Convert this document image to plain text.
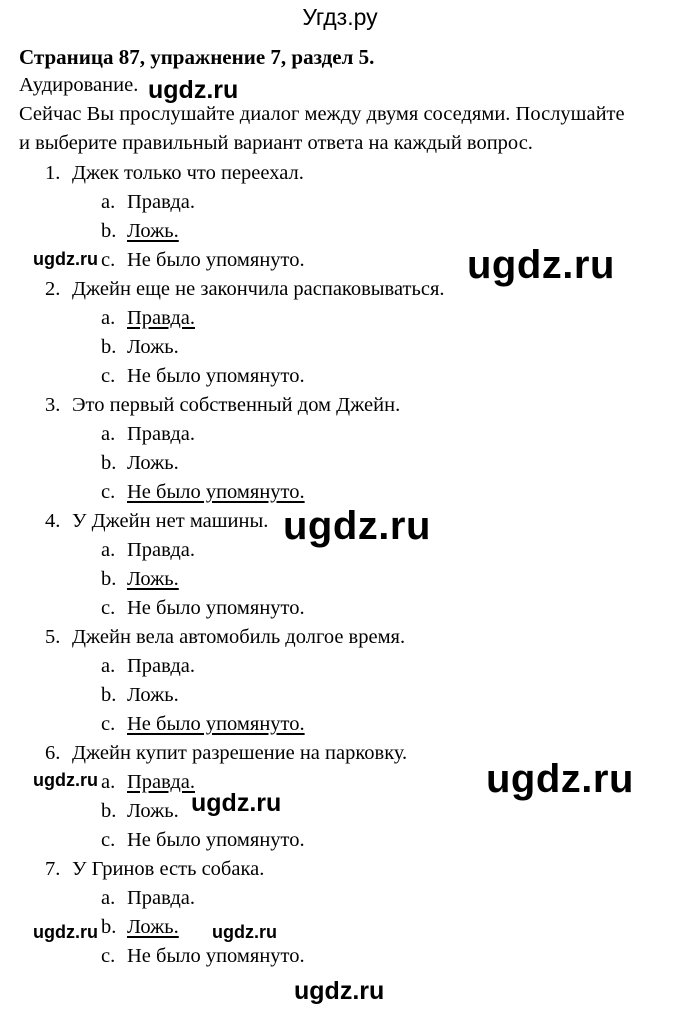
Угдз.ру
Страница 87, упражнение 7, раздел 5.
Аудирование.
Сейчас Вы прослушайте диалог между двумя соседями. Послушайте
и выберите правильный вариант ответа на каждый вопрос.
1. Джек только что переехал.
a. Правда.
b. Ложь.
c. Не было упомянуто.
2. Джейн еще не закончила распаковываться.
a. Правда.
b. Ложь.
c. Не было упомянуто.
3. Это первый собственный дом Джейн.
a. Правда.
b. Ложь.
c. Не было упомянуто.
4. У Джейн нет машины.
a. Правда.
b. Ложь.
c. Не было упомянуто.
5. Джейн вела автомобиль долгое время.
a. Правда.
b. Ложь.
c. Не было упомянуто.
6. Джейн купит разрешение на парковку.
a. Правда.
b. Ложь.
c. Не было упомянуто.
7. У Гринов есть собака.
a. Правда.
b. Ложь.
c. Не было упомянуто.
ugdz.ru
ugdz.ru	ugdz.ru
ugdz.ru
ugdz.ru	ugdz.ru
ugdz.ru
ugdz.ru	ugdz.ru
ugdz.ru
